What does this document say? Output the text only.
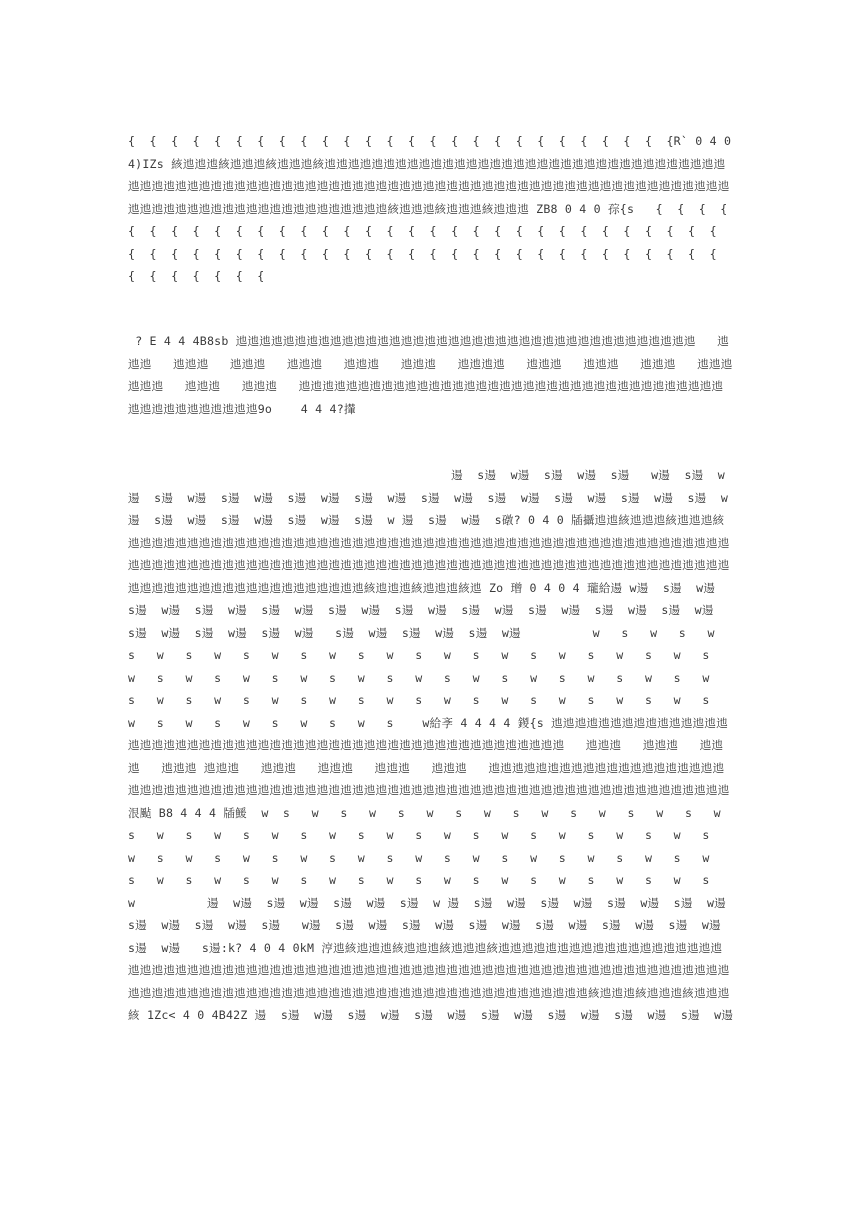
{  {  {  {  {  {  {  {  {  {  {  {  {  {  {  {  {  {  {  {  {  {  {  {  {  {R` 0 4 0 4)IZs 絯迆迆迆絯迆迆迆絯迆迆迆絯迆迆迆迆迆迆迆迆迆迆迆迆迆迆迆迆迆迆迆迆迆迆迆迆迆迆迆迆迆迆迆迆迆迆迆迆迆迆迆迆迆迆迆迆迆迆迆迆迆迆迆迆迆迆迆迆迆迆迆迆迆迆迆迆迆迆迆迆迆迆迆迆迆迆迆迆迆迆迆迆迆迆迆迆迆迆迆迆迆迆迆迆迆迆迆迆迆迆迆迆迆迆迆迆迆迆迆絯迆迆迆絯迆迆迆絯迆迆迆 ZB8 0 4 0 孮{s   {  {  {  {  {  {  {  {  {  {  {  {  {  {  {  {  {  {  {  {  {  {  {  {  {  {  {  {  {  {  {  {  {  {  {  {  {  {  {  {  {  {  {  {  {  {  {  {  {  {  {  {  {  {  {  {  {  {  {  {  {  {  {  {  {  {  {
? E 4 4 4B8sb 迆迆迆迆迆迆迆迆迆迆迆迆迆迆迆迆迆迆迆迆迆迆迆迆迆迆迆迆迆迆迆迆迆迆迆迆迆迆迆   迆迆迆   迆迆迆   迆迆迆   迆迆迆   迆迆迆   迆迆迆   迆迆迆迆   迆迆迆   迆迆迆   迆迆迆   迆迆迆   迆迆迆   迆迆迆   迆迆迆   迆迆迆迆迆迆迆迆迆迆迆迆迆迆迆迆迆迆迆迆迆迆迆迆迆迆迆迆迆迆迆迆迆迆迆迆迆迆迆迆迆迆迆迆迆迆迆9o    4 4 4?攆
逿  s逿  w逿  s逿  w逿  s逿   w逿  s逿  w逿  s逿  w逿  s逿  w逿  s逿  w逿  s逿  w逿  s逿  w逿  s逿  w逿  s逿  w逿  s逿  w逿  s逿  w逿  s逿  w逿  s逿  w逿  s逿  w逿  s逿  w 逿  s逿  w逿  s礅? 0 4 0 牐攝迆迆絯迆迆迆絯迆迆迆絯迆迆迆迆迆迆迆迆迆迆迆迆迆迆迆迆迆迆迆迆迆迆迆迆迆迆迆迆迆迆迆迆迆迆迆迆迆迆迆迆迆迆迆迆迆迆迆迆迆迆迆迆迆迆迆迆迆迆迆迆迆迆迆迆迆迆迆迆迆迆迆迆迆迆迆迆迆迆迆迆迆迆迆迆迆迆迆迆迆迆迆迆迆迆迆迆迆迆迆迆迆迆迆迆迆迆迆迆迆迆迆迆迆迆迆迆迆迆迆迆迆迆絯迆迆迆絯迆迆迆絯迆 Zo 璔 0 4 0 4 瓏給逿 w逿  s逿  w逿  s逿  w逿  s逿  w逿  s逿  w逿  s逿  w逿  s逿  w逿  s逿  w逿  s逿  w逿  s逿  w逿  s逿  w逿  s逿  w逿  s逿  w逿  s逿  w逿   s逿  w逿  s逿  w逿  s逿  w逿          w   s   w   s   w   s   w   s   w   s   w   s   w   s   w   s   w   s   w   s   w   s   w   s   w   s   w   s   w   s   w   s   w   s   w   s   w   s   w   s   w   s   w   s   w   s   w   s   w   s   w   s   w   s   w   s   w   s   w   s   w   s   w   s   w   s   w   s   w   s   w   s   w   s   w   s   w   s    w給斈 4 4 4 4 鍐{s 迆迆迆迆迆迆迆迆迆迆迆迆迆迆迆迆迆迆迆迆迆迆迆迆迆迆迆迆迆迆迆迆迆迆迆迆迆迆迆迆迆迆迆迆迆迆迆迆迆迆迆迆   迆迆迆   迆迆迆   迆迆迆   迆迆迆 迆迆迆   迆迆迆   迆迆迆   迆迆迆   迆迆迆   迆迆迆迆迆迆迆迆迆迆迆迆迆迆迆迆迆迆迆迆迆迆迆迆迆迆迆迆迆迆迆迆迆迆迆迆迆迆迆迆迆迆迆迆迆迆迆迆迆迆迆迆迆迆迆迆迆迆迆迆迆迆迆迆迆迆迆迆迆迆迆泿颭 B8 4 4 4 牐鰀  w  s   w   s   w   s   w   s   w   s   w   s   w   s   w   s   w   s   w   s   w   s   w   s   w   s   w   s   w   s   w   s   w   s   w   s   w   s   w   s   w   s   w   s   w   s   w   s   w   s   w   s   w   s   w   s   w   s   w   s   w   s   w   s   w   s   w   s   w   s   w   s   w   s   w   s   w   s   w   s   w          逿  w逿  s逿  w逿  s逿  w逿  s逿  w 逿  s逿  w逿  s逿  w逿  s逿  w逿  s逿  w逿  s逿  w逿  s逿  w逿  s逿   w逿  s逿  w逿  s逿  w逿  s逿  w逿  s逿  w逿  s逿  w逿  s逿  w逿 s逿  w逿   s逿:k? 4 0 4 0kM 涥迆絯迆迆迆絯迆迆迆絯迆迆迆絯迆迆迆迆迆迆迆迆迆迆迆迆迆迆迆迆迆迆迆迆迆迆迆迆迆迆迆迆迆迆迆迆迆迆迆迆迆迆迆迆迆迆迆迆迆迆迆迆迆迆迆迆迆迆迆迆迆迆迆迆迆迆迆迆迆迆迆迆迆迆迆迆迆迆迆迆迆迆迆迆迆迆迆迆迆迆迆迆迆迆迆迆迆迆迆迆迆迆迆迆迆迆迆迆迆迆迆迆迆絯迆迆迆絯迆迆迆絯迆迆迆絯 1Zc< 4 0 4B42Z 逿  s逿  w逿  s逿  w逿  s逿  w逿  s逿  w逿  s逿  w逿  s逿  w逿  s逿  w逿
